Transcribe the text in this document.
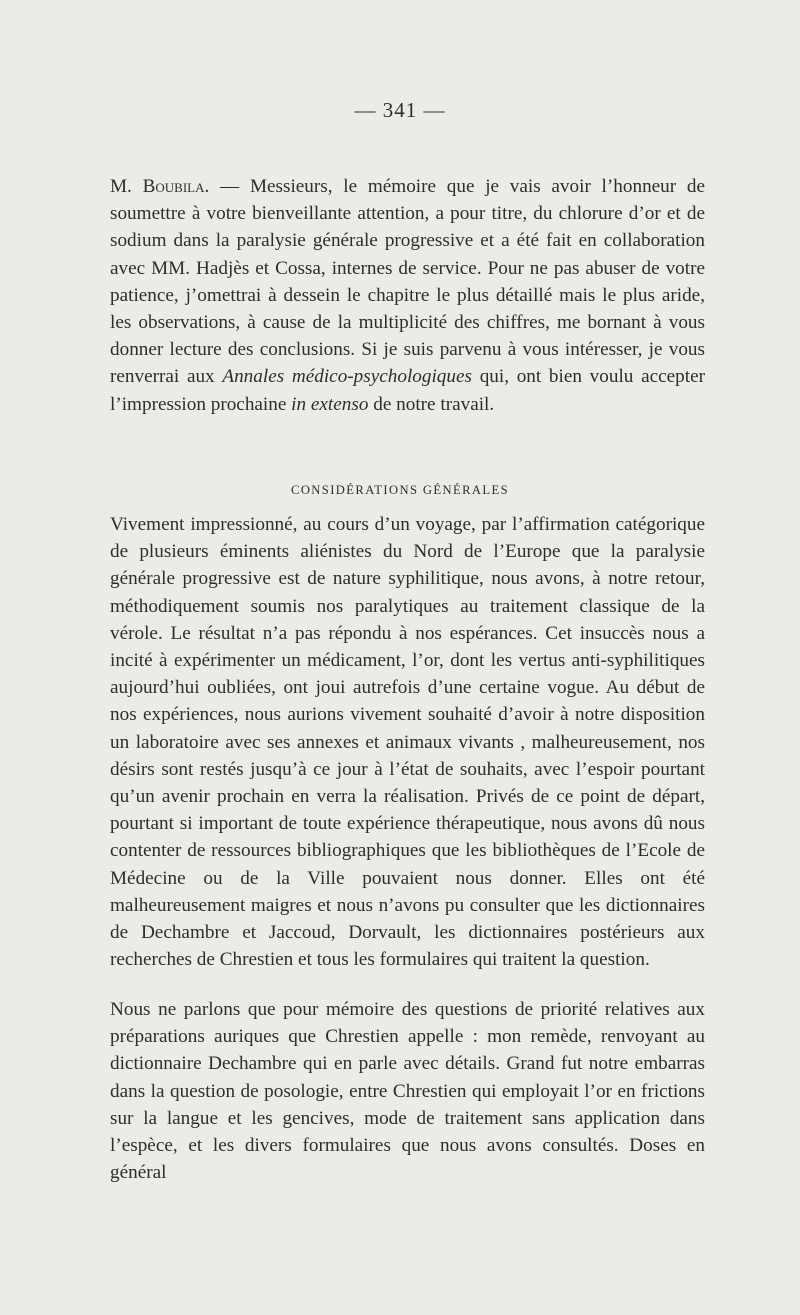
— 341 —

M. Boubila. — Messieurs, le mémoire que je vais avoir l’honneur de soumettre à votre bienveillante attention, a pour titre, du chlorure d’or et de sodium dans la paralysie générale progressive et a été fait en collaboration avec MM. Hadjès et Cossa, internes de service. Pour ne pas abuser de votre patience, j’omettrai à dessein le chapitre le plus détaillé mais le plus aride, les observations, à cause de la multiplicité des chiffres, me bornant à vous donner lecture des conclusions. Si je suis parvenu à vous intéresser, je vous renverrai aux Annales médico-psychologiques qui, ont bien voulu accepter l’impression prochaine in extenso de notre travail.

CONSIDÉRATIONS GÉNÉRALES

Vivement impressionné, au cours d’un voyage, par l’affirmation catégorique de plusieurs éminents aliénistes du Nord de l’Europe que la paralysie générale progressive est de nature syphilitique, nous avons, à notre retour, méthodiquement soumis nos paralytiques au traitement classique de la vérole. Le résultat n’a pas répondu à nos espérances. Cet insuccès nous a incité à expérimenter un médicament, l’or, dont les vertus anti-syphilitiques aujourd’hui oubliées, ont joui autrefois d’une certaine vogue. Au début de nos expériences, nous aurions vivement souhaité d’avoir à notre disposition un laboratoire avec ses annexes et animaux vivants , malheureusement, nos désirs sont restés jusqu’à ce jour à l’état de souhaits, avec l’espoir pourtant qu’un avenir prochain en verra la réalisation. Privés de ce point de départ, pourtant si important de toute expérience thérapeutique, nous avons dû nous contenter de ressources bibliographiques que les bibliothèques de l’Ecole de Médecine ou de la Ville pouvaient nous donner. Elles ont été malheureusement maigres et nous n’avons pu consulter que les dictionnaires de Dechambre et Jaccoud, Dorvault, les dictionnaires postérieurs aux recherches de Chrestien et tous les formulaires qui traitent la question.

Nous ne parlons que pour mémoire des questions de priorité relatives aux préparations auriques que Chrestien appelle : mon remède, renvoyant au dictionnaire Dechambre qui en parle avec détails. Grand fut notre embarras dans la question de posologie, entre Chrestien qui employait l’or en frictions sur la langue et les gencives, mode de traitement sans application dans l’espèce, et les divers formulaires que nous avons consultés. Doses en général
